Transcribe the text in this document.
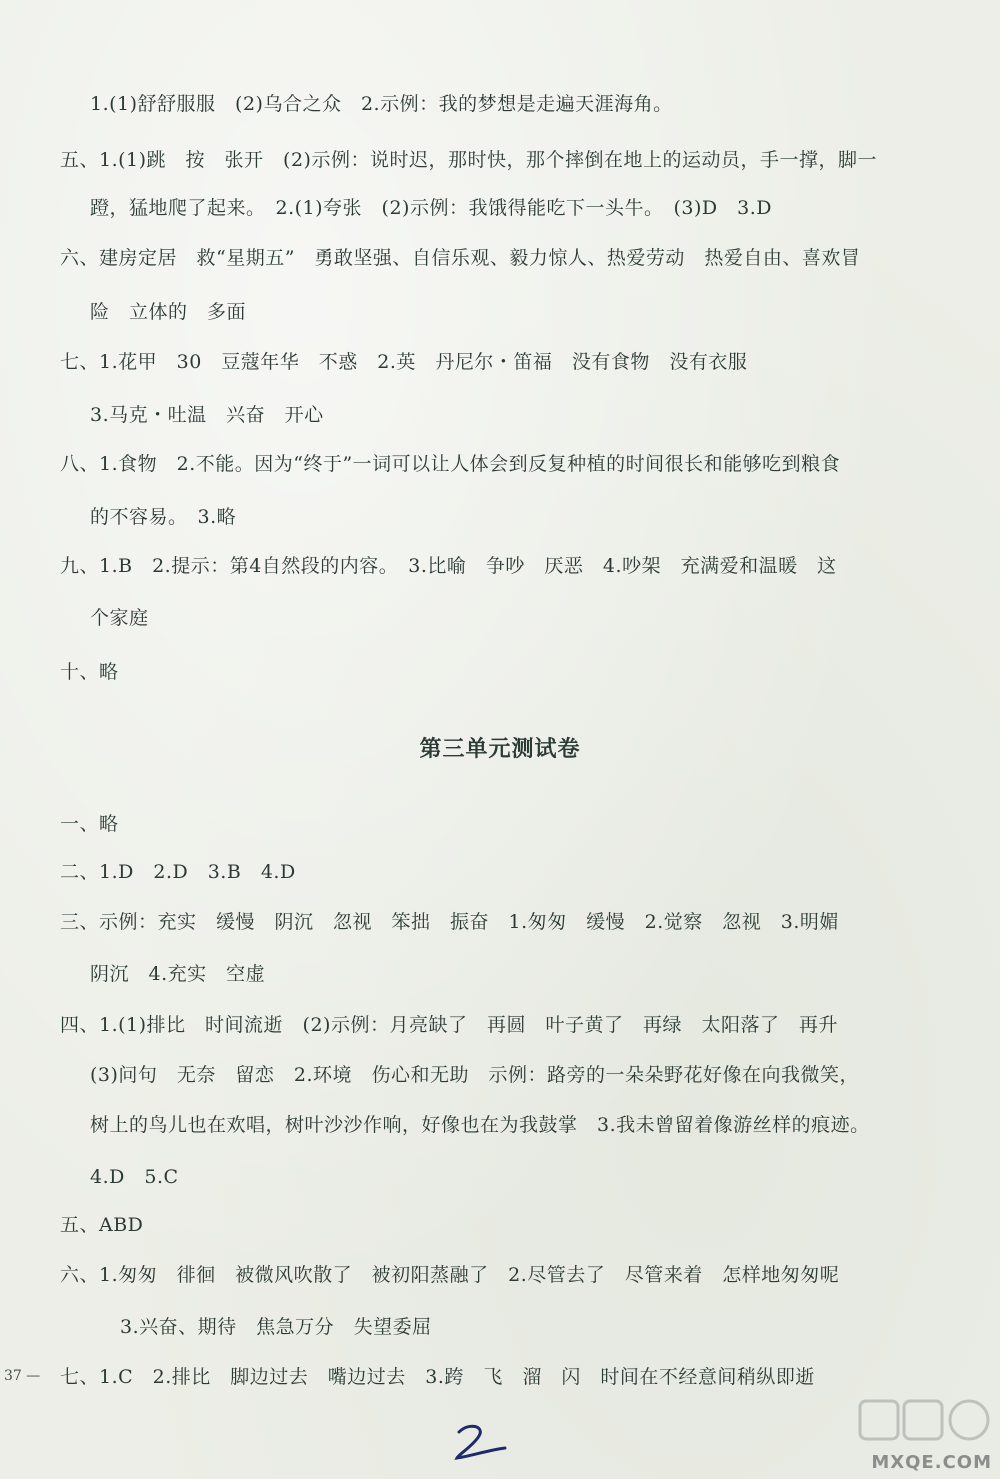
1.(1)舒舒服服　(2)乌合之众　2.示例：我的梦想是走遍天涯海角。
五、1.(1)跳　按　张开　(2)示例：说时迟，那时快，那个摔倒在地上的运动员，手一撑，脚一
蹬，猛地爬了起来。　2.(1)夸张　(2)示例：我饿得能吃下一头牛。　(3)D　3.D
六、建房定居　救“星期五”　勇敢坚强、自信乐观、毅力惊人、热爱劳动　热爱自由、喜欢冒
险　立体的　多面
七、1.花甲　30　豆蔻年华　不惑　2.英　丹尼尔・笛福　没有食物　没有衣服
3.马克・吐温　兴奋　开心
八、1.食物　2.不能。因为“终于”一词可以让人体会到反复种植的时间很长和能够吃到粮食
的不容易。　3.略
九、1.B　2.提示：第4自然段的内容。　3.比喻　争吵　厌恶　4.吵架　充满爱和温暖　这
个家庭
十、略
第三单元测试卷
一、略
二、1.D　2.D　3.B　4.D
三、示例：充实　缓慢　阴沉　忽视　笨拙　振奋　1.匆匆　缓慢　2.觉察　忽视　3.明媚
阴沉　4.充实　空虚
四、1.(1)排比　时间流逝　(2)示例：月亮缺了　再圆　叶子黄了　再绿　太阳落了　再升
(3)问句　无奈　留恋　2.环境　伤心和无助　示例：路旁的一朵朵野花好像在向我微笑，
树上的鸟儿也在欢唱，树叶沙沙作响，好像也在为我鼓掌　3.我未曾留着像游丝样的痕迹。
4.D　5.C
五、ABD
六、1.匆匆　徘徊　被微风吹散了　被初阳蒸融了　2.尽管去了　尽管来着　怎样地匆匆呢
3.兴奋、期待　焦急万分　失望委屈
七、1.C　2.排比　脚边过去　嘴边过去　3.跨　飞　溜　闪　时间在不经意间稍纵即逝
37 —
MXQE.COM
